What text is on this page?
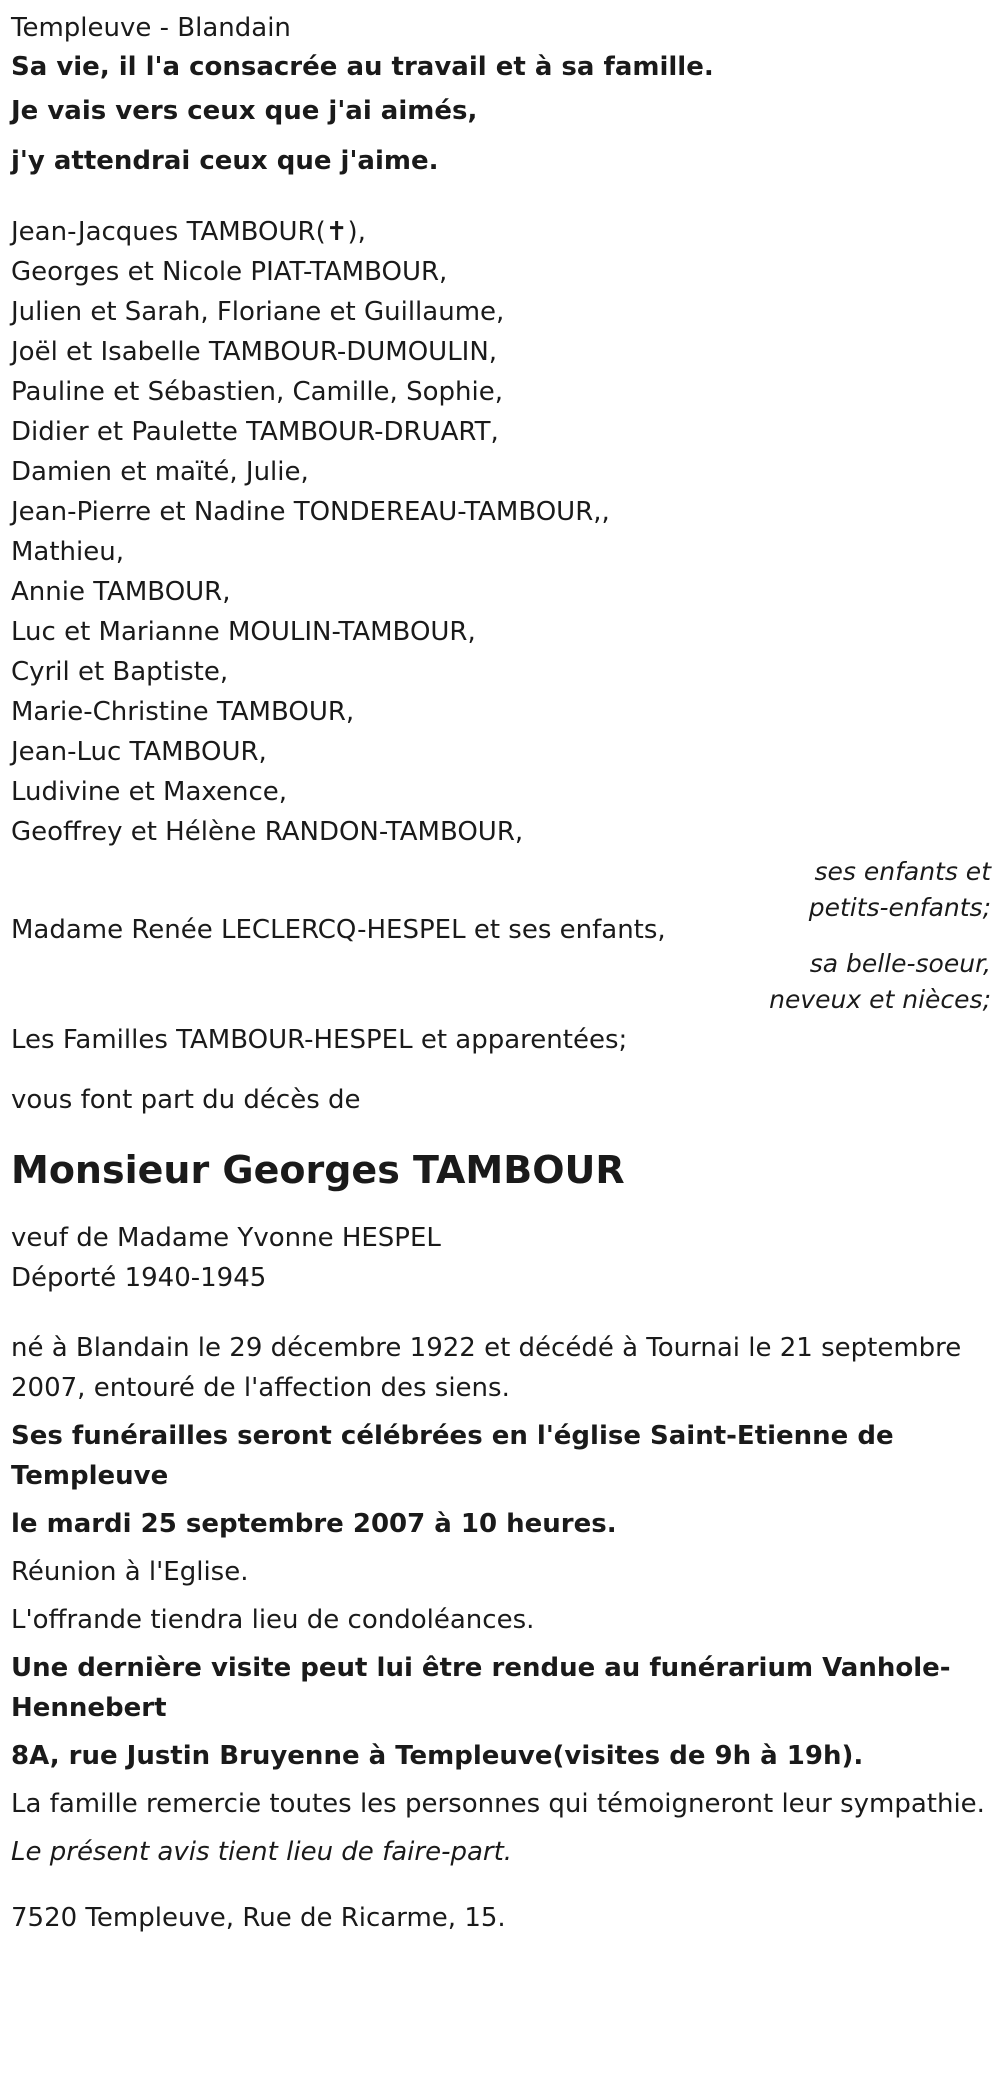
Templeuve - Blandain

Sa vie, il l'a consacrée au travail et à sa famille.

Je vais vers ceux que j'ai aimés,

j'y attendrai ceux que j'aime.

Jean-Jacques TAMBOUR(✝),

Georges et Nicole PIAT-TAMBOUR,

Julien et Sarah, Floriane et Guillaume,

Joël et Isabelle TAMBOUR-DUMOULIN,

Pauline et Sébastien, Camille, Sophie,

Didier et Paulette TAMBOUR-DRUART,

Damien et maïté, Julie,

Jean-Pierre et Nadine TONDEREAU-TAMBOUR,,

Mathieu,

Annie TAMBOUR,

Luc et Marianne MOULIN-TAMBOUR,

Cyril et Baptiste,

Marie-Christine TAMBOUR,

Jean-Luc TAMBOUR,

Ludivine et Maxence,

Geoffrey et Hélène RANDON-TAMBOUR,

ses enfants et

petits-enfants;

Madame Renée LECLERCQ-HESPEL et ses enfants,

sa belle-soeur,

neveux et nièces;

Les Familles TAMBOUR-HESPEL et apparentées;

vous font part du décès de

Monsieur Georges TAMBOUR

veuf de Madame Yvonne HESPEL

Déporté 1940-1945

né à Blandain le 29 décembre 1922 et décédé à Tournai le 21 septembre 2007, entouré de l'affection des siens.

Ses funérailles seront célébrées en l'église Saint-Etienne de Templeuve

le mardi 25 septembre 2007 à 10 heures.

Réunion à l'Eglise.

L'offrande tiendra lieu de condoléances.

Une dernière visite peut lui être rendue au funérarium Vanhole-Hennebert

8A, rue Justin Bruyenne à Templeuve(visites de 9h à 19h).

La famille remercie toutes les personnes qui témoigneront leur sympathie.

Le présent avis tient lieu de faire-part.

7520 Templeuve, Rue de Ricarme, 15.
